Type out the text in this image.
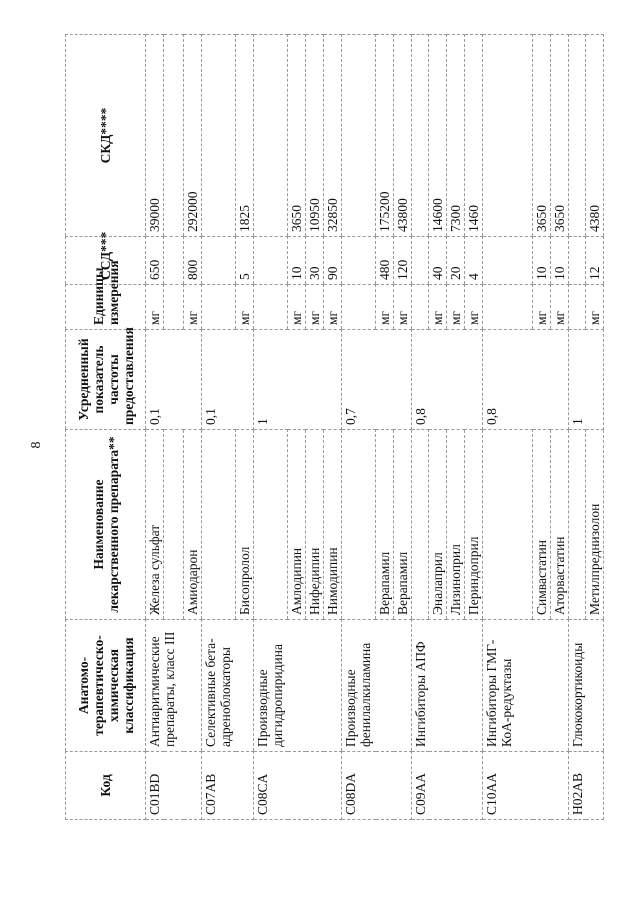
8
Код	Анатомо-терапевтическо-химическая классификация	Наименование лекарственного препарата**	Усредненный показатель частоты предоставления	Единицы измерения	ССД***	СКД****
C01BD	Антиаритмические препараты, класс III	Железа сульфат	0,1	мг	650	39000

		Амиодарон		мг	800	292000
C07AB	Селективные бета-адреноблокаторы		0,1			
		Бисопролол		мг	5	1825
C08CA	Производные дигидропиридина		1			
		Амлодипин		мг	10	3650
		Нифедипин		мг	30	10950
		Нимодипин		мг	90	32850
C08DA	Производные фенилалкиламина		0,7			
		Верапамил		мг	480	175200
		Верапамил		мг	120	43800
C09AA	Ингибиторы АПФ		0,8			
		Эналаприл		мг	40	14600
		Лизиноприл		мг	20	7300
		Периндоприл		мг	4	1460
C10AA	Ингибиторы ГМГ-КоА-редуктазы		0,8			
		Симвастатин		мг	10	3650
		Аторвастатин		мг	10	3650
H02AB	Глюкокортикоиды		1			
		Метилпреднизолон		мг	12	4380
